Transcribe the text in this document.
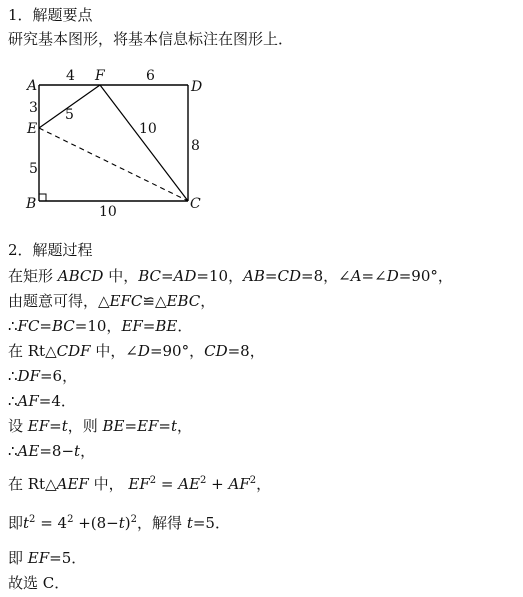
1．解题要点
研究基本图形，将基本信息标注在图形上．
A
F
D
E
B	C
4	6
3 5
10
8
5
10
2．解题过程
在矩形 ABCD 中，BC=AD=10，AB=CD=8，∠A=∠D=90°，
由题意可得，△EFC≌△EBC，
∴FC=BC=10，EF=BE．
在 Rt△CDF 中，∠D=90°，CD=8，
∴DF=6，
∴AF=4．
设 EF=t，则 BE=EF=t，
∴AE=8−t，
在 Rt△AEF 中， $EF^2 = AE^2 + AF^2$，
即$t^2 = 4^2 +(8-t)^2$，解得 t=5．
即 EF=5．
故选 C．
